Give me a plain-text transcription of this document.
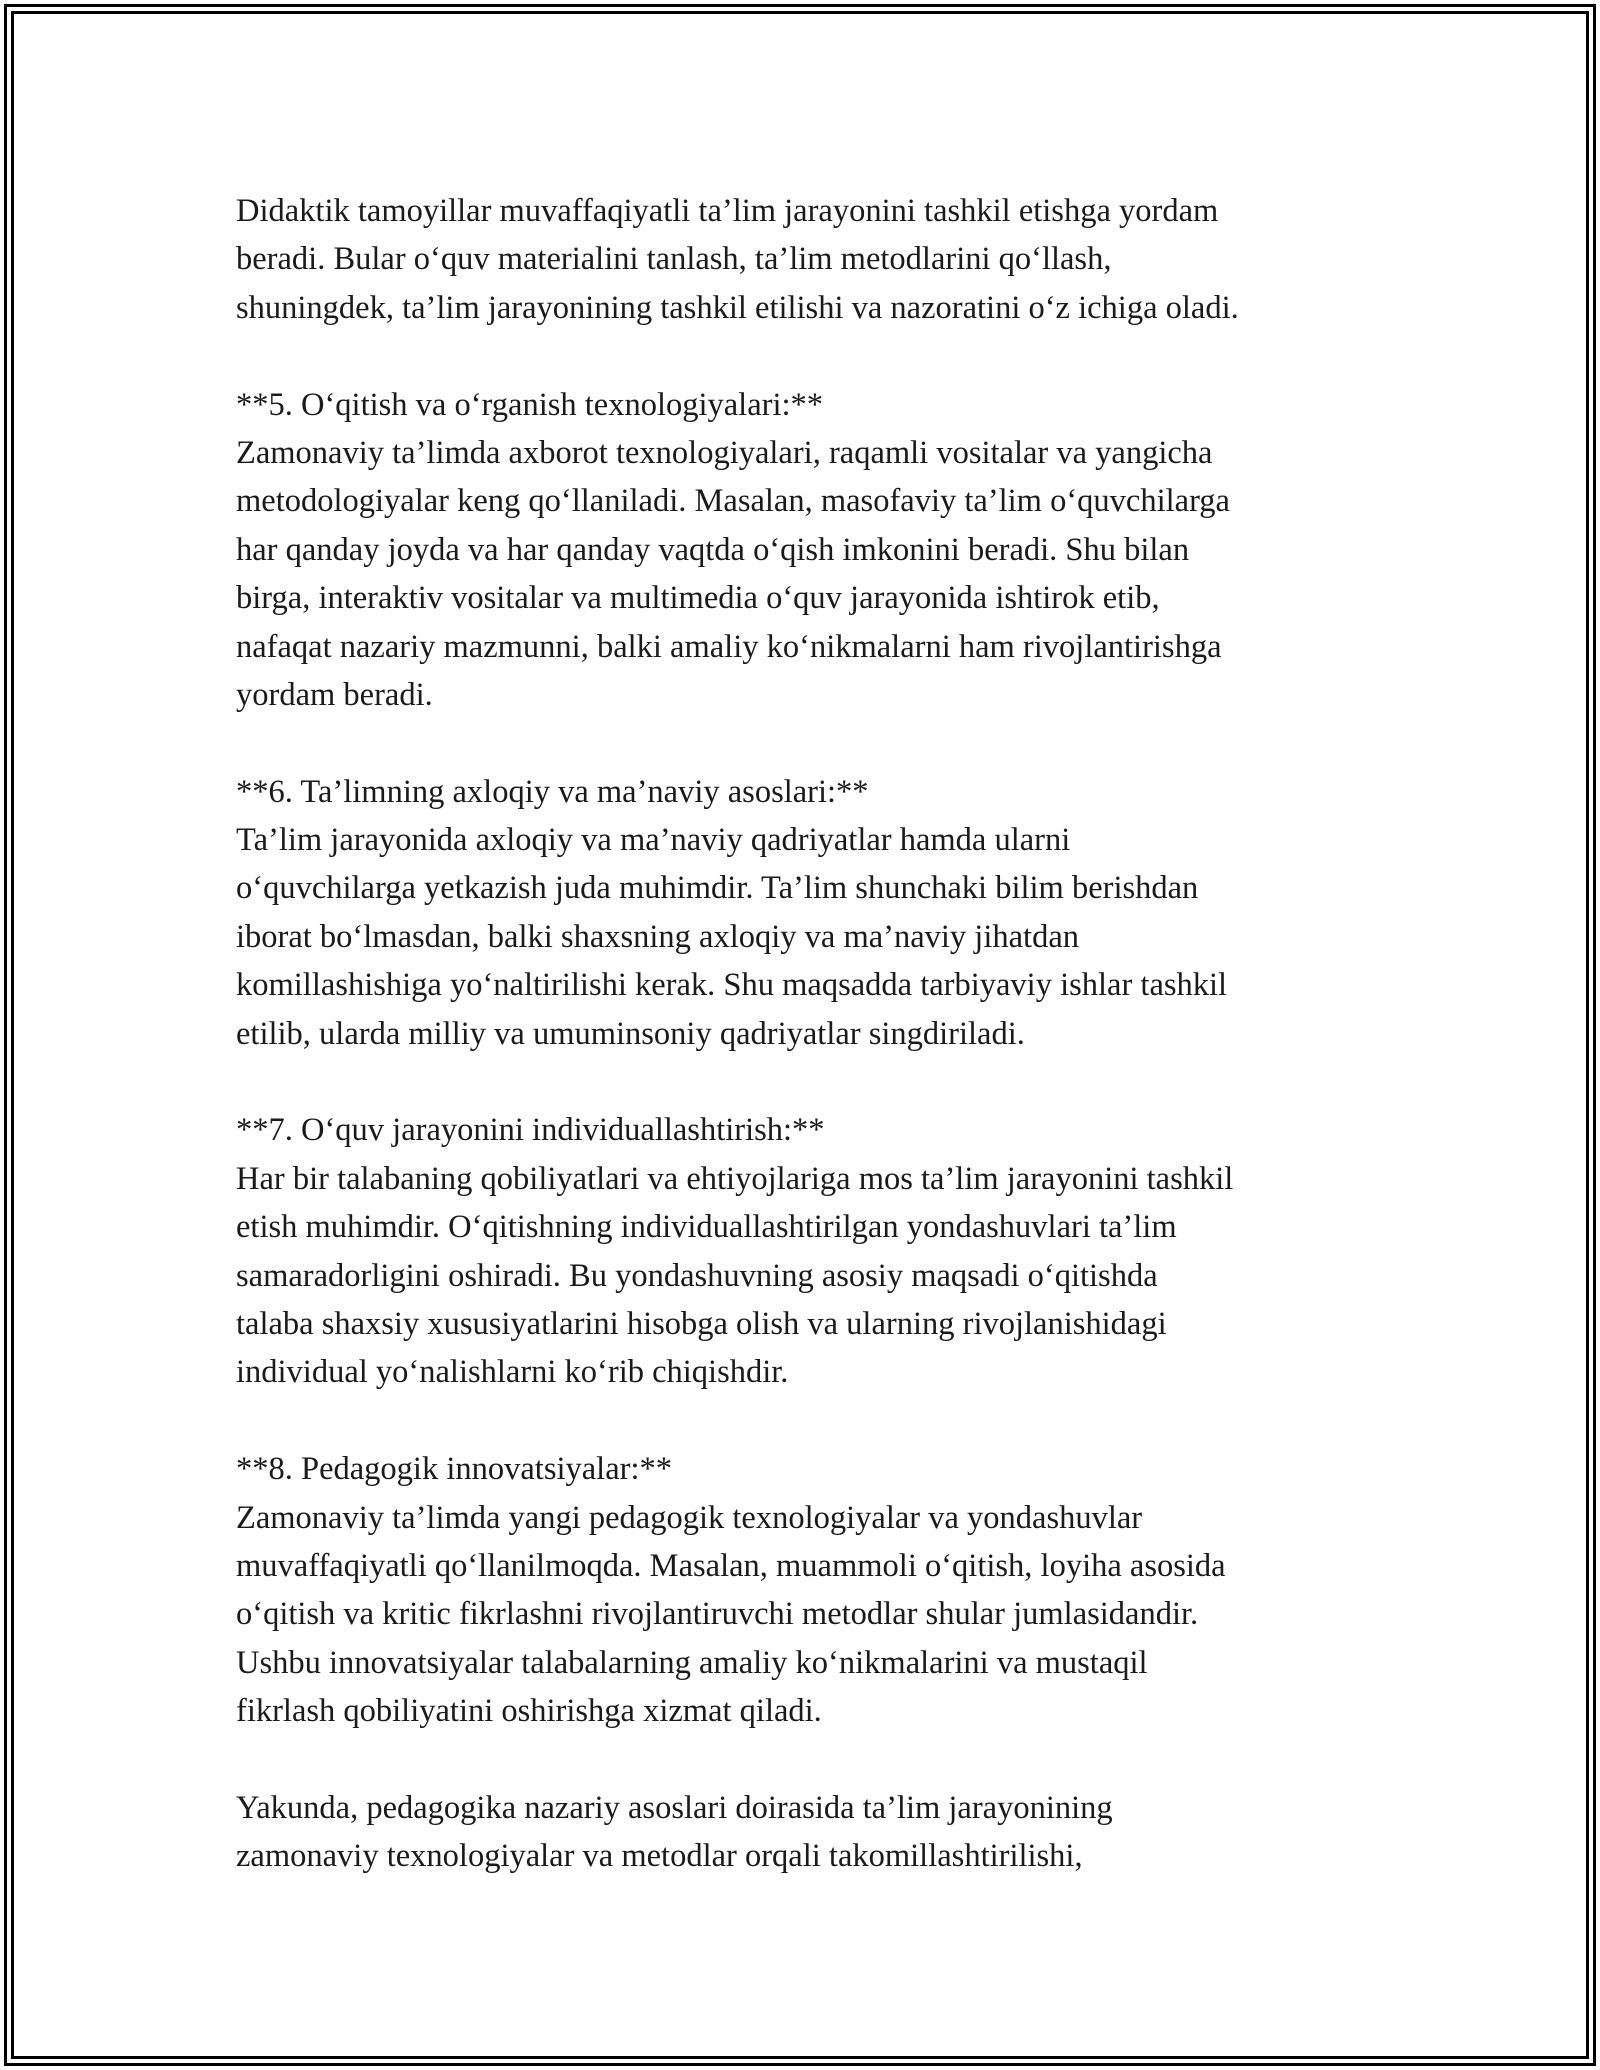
Didaktik tamoyillar muvaffaqiyatli ta’lim jarayonini tashkil etishga yordam
beradi. Bular o‘quv materialini tanlash, ta’lim metodlarini qo‘llash,
shuningdek, ta’lim jarayonining tashkil etilishi va nazoratini o‘z ichiga oladi.
**5. O‘qitish va o‘rganish texnologiyalari:**
Zamonaviy ta’limda axborot texnologiyalari, raqamli vositalar va yangicha
metodologiyalar keng qo‘llaniladi. Masalan, masofaviy ta’lim o‘quvchilarga
har qanday joyda va har qanday vaqtda o‘qish imkonini beradi. Shu bilan
birga, interaktiv vositalar va multimedia o‘quv jarayonida ishtirok etib,
nafaqat nazariy mazmunni, balki amaliy ko‘nikmalarni ham rivojlantirishga
yordam beradi.
**6. Ta’limning axloqiy va ma’naviy asoslari:**
Ta’lim jarayonida axloqiy va ma’naviy qadriyatlar hamda ularni
o‘quvchilarga yetkazish juda muhimdir. Ta’lim shunchaki bilim berishdan
iborat bo‘lmasdan, balki shaxsning axloqiy va ma’naviy jihatdan
komillashishiga yo‘naltirilishi kerak. Shu maqsadda tarbiyaviy ishlar tashkil
etilib, ularda milliy va umuminsoniy qadriyatlar singdiriladi.
**7. O‘quv jarayonini individuallashtirish:**
Har bir talabaning qobiliyatlari va ehtiyojlariga mos ta’lim jarayonini tashkil
etish muhimdir. O‘qitishning individuallashtirilgan yondashuvlari ta’lim
samaradorligini oshiradi. Bu yondashuvning asosiy maqsadi o‘qitishda
talaba shaxsiy xususiyatlarini hisobga olish va ularning rivojlanishidagi
individual yo‘nalishlarni ko‘rib chiqishdir.
**8. Pedagogik innovatsiyalar:**
Zamonaviy ta’limda yangi pedagogik texnologiyalar va yondashuvlar
muvaffaqiyatli qo‘llanilmoqda. Masalan, muammoli o‘qitish, loyiha asosida
o‘qitish va kritic fikrlashni rivojlantiruvchi metodlar shular jumlasidandir.
Ushbu innovatsiyalar talabalarning amaliy ko‘nikmalarini va mustaqil
fikrlash qobiliyatini oshirishga xizmat qiladi.
Yakunda, pedagogika nazariy asoslari doirasida ta’lim jarayonining
zamonaviy texnologiyalar va metodlar orqali takomillashtirilishi,
